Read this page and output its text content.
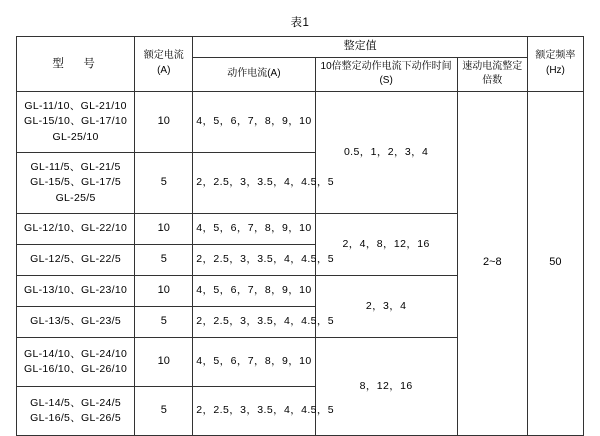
表1
型　号	额定电流(A)	整定值			额定频率(Hz)
		动作电流(A)	10倍整定动作电流下动作时间(S)	速动电流整定倍数	

GL-11/10、GL-21/10
GL-15/10、GL-17/10
GL-25/10	10	4，5，6，7，8，9，10	0.5，1，2，3，4	2~8	50

GL-11/5、GL-21/5
GL-15/5、GL-17/5
GL-25/5	5	2，2.5，3，3.5，4，4.5，5			

GL-12/10、GL-22/10	10	4，5，6，7，8，9，10	2，4，8，12，16		

GL-12/5、GL-22/5	5	2，2.5，3，3.5，4，4.5，5			

GL-13/10、GL-23/10	10	4，5，6，7，8，9，10	2，3，4		

GL-13/5、GL-23/5	5	2，2.5，3，3.5，4，4.5，5			

GL-14/10、GL-24/10
GL-16/10、GL-26/10	10	4，5，6，7，8，9，10	8，12，16		

GL-14/5、GL-24/5
GL-16/5、GL-26/5	5	2，2.5，3，3.5，4，4.5，5			
